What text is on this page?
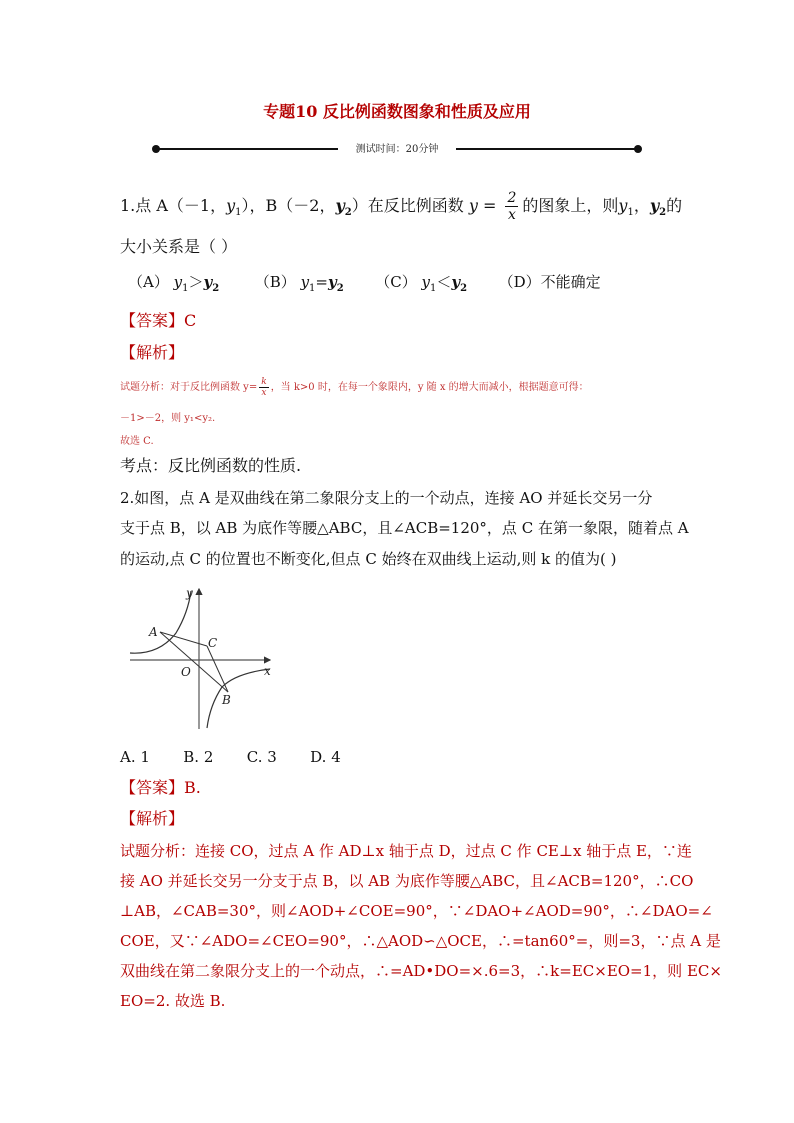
专题10 反比例函数图象和性质及应用
测试时间：20分钟
1.点 A（－1，$y_1$），B（－2，$y_2$）在反比例函数 $y = \frac{2}{x}$ 的图象上，则$y_1$，$y_2$的
大小关系是（ ）
（A） $y_1>y_2$ （B） $y_1=y_2$ （C） $y_1<y_2$ （D）不能确定
【答案】C
【解析】
试题分析：对于反比例函数 $y= \frac{k}{x}$ ，当 k>0 时，在每一个象限内，y 随 x 的增大而减小，根据题意可得：
－1>－2，则 y₁<y₂.
故选 C.
考点：反比例函数的性质.
2.如图，点 A 是双曲线在第二象限分支上的一个动点，连接 AO 并延长交另一分
支于点 B，以 AB 为底作等腰△ABC，且∠ACB=120°，点 C 在第一象限，随着点 A
的运动,点 C 的位置也不断变化,但点 C 始终在双曲线上运动,则 k 的值为( )
y
x
O
A
B
C
A. 1       B. 2       C. 3       D. 4
【答案】B.
【解析】
试题分析：连接 CO，过点 A 作 AD⊥x 轴于点 D，过点 C 作 CE⊥x 轴于点 E，∵连
接 AO 并延长交另一分支于点 B，以 AB 为底作等腰△ABC，且∠ACB=120°，∴CO
⊥AB，∠CAB=30°，则∠AOD+∠COE=90°，∵∠DAO+∠AOD=90°，∴∠DAO=∠
COE，又∵∠ADO=∠CEO=90°，∴△AOD∽△OCE，∴=tan60°=，则=3，∵点 A 是
双曲线在第二象限分支上的一个动点，∴=AD•DO=×.6=3，∴k=EC×EO=1，则 EC×
EO=2. 故选 B.
